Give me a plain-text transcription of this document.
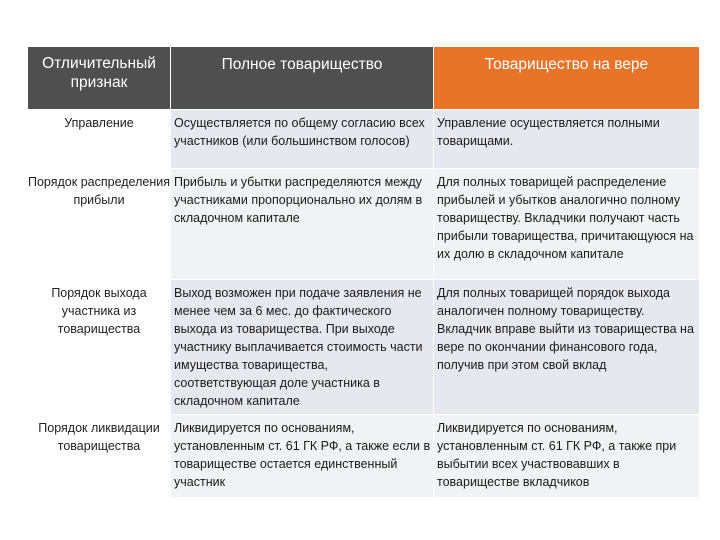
Отличительный признак	Полное товарищество	Товарищество на вере
Управление	Осуществляется по общему согласию всех участников (или большинством голосов)	Управление осуществляется полными товарищами.
Порядок распределения прибыли	Прибыль и убытки распределяются между участниками пропорционально их долям в складочном капитале	Для полных товарищей распределение прибылей и убытков аналогично полному товариществу. Вкладчики получают часть прибыли товарищества, причитающуюся на их долю в складочном капитале
Порядок выхода участника из товарищества	Выход возможен при подаче заявления не менее чем за 6 мес. до фактического выхода из товарищества. При выходе участнику выплачивается стоимость части имущества товарищества, соответствующая доле участника в складочном капитале	Для полных товарищей порядок выхода аналогичен полному товариществу. Вкладчик вправе выйти из товарищества на вере по окончании финансового года, получив при этом свой вклад
Порядок ликвидации товарищества	Ликвидируется по основаниям, установленным ст. 61 ГК РФ, а также если в товариществе остается единственный участник	Ликвидируется по основаниям, установленным ст. 61 ГК РФ, а также при выбытии всех участвовавших в товариществе вкладчиков
